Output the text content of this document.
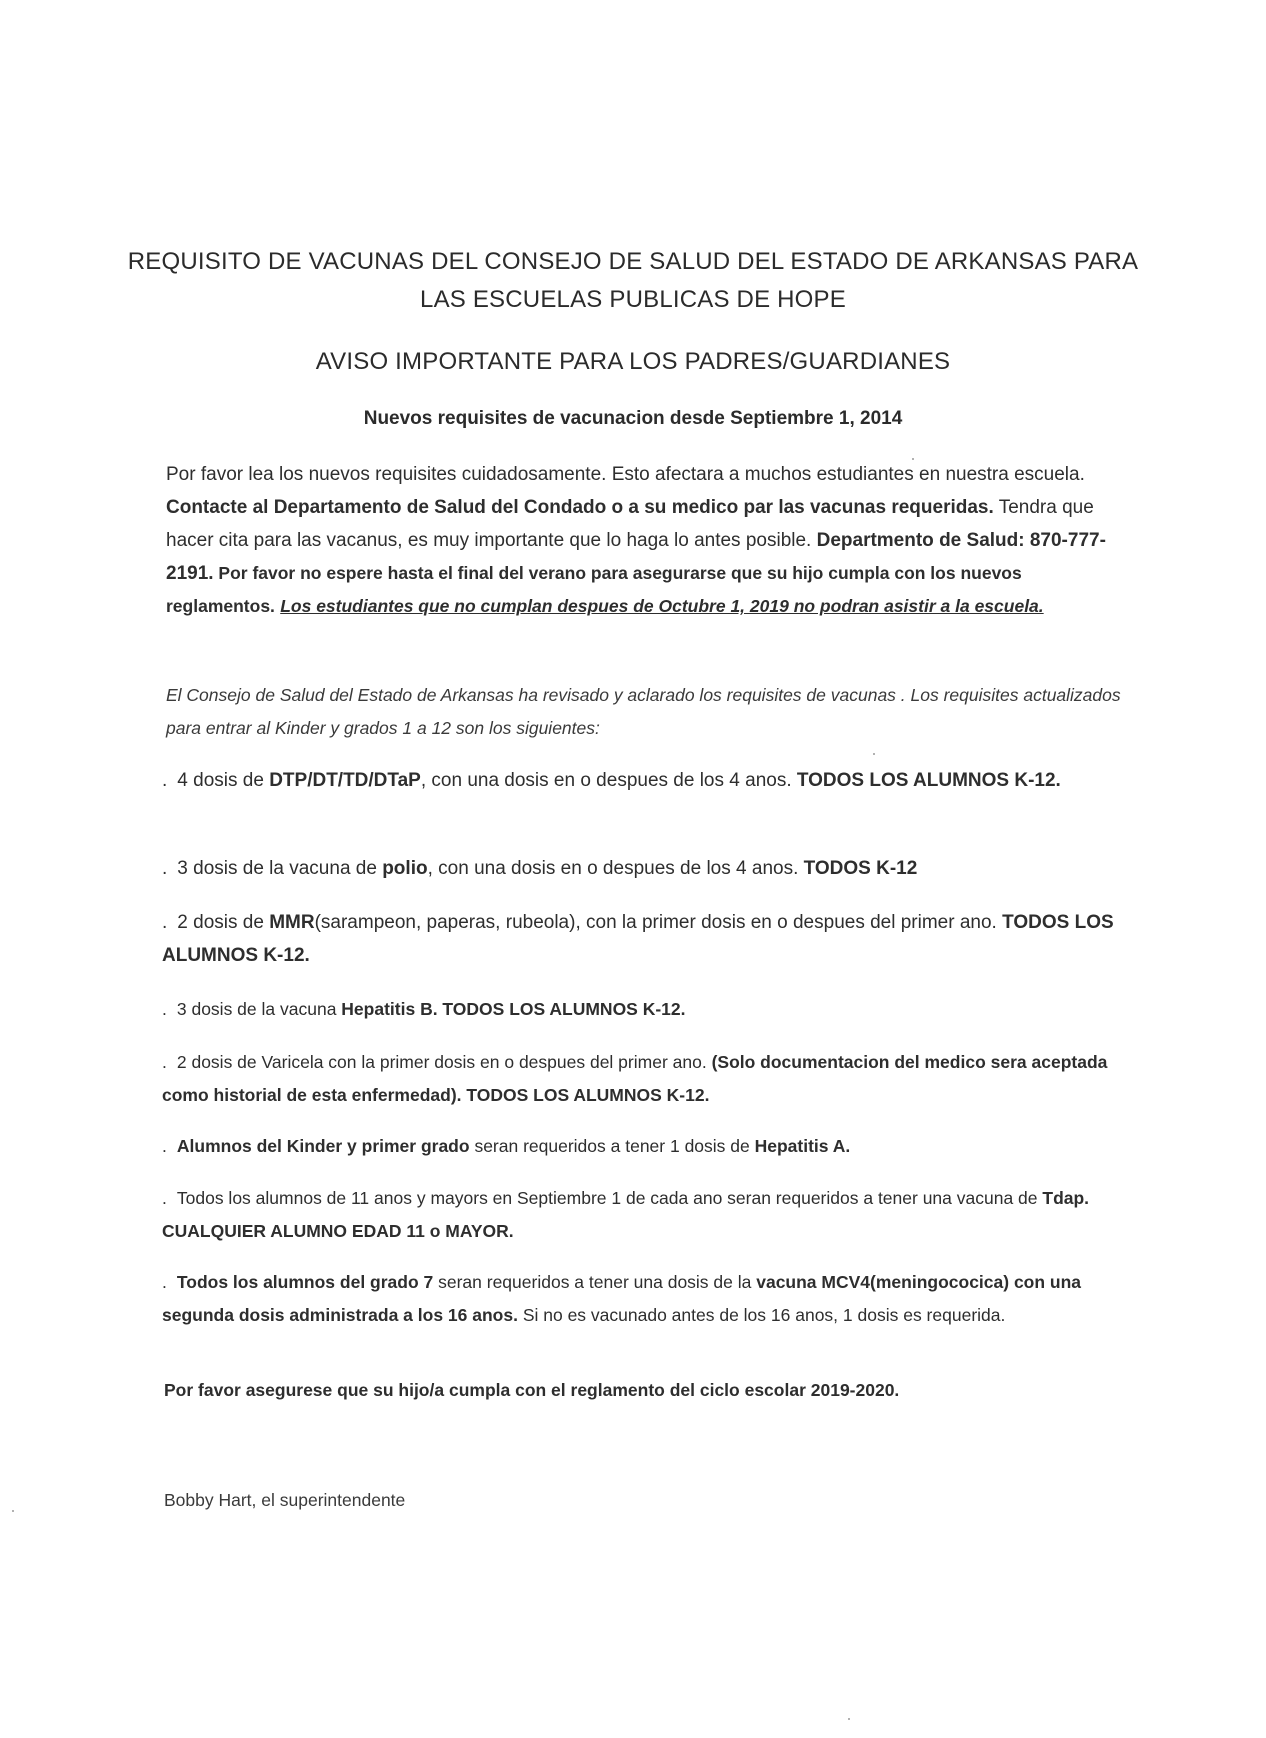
REQUISITO DE VACUNAS DEL CONSEJO DE SALUD DEL ESTADO DE ARKANSAS PARA
LAS ESCUELAS PUBLICAS DE HOPE
AVISO IMPORTANTE PARA LOS PADRES/GUARDIANES
Nuevos requisites de vacunacion desde Septiembre 1, 2014
Por favor lea los nuevos requisites cuidadosamente. Esto afectara a muchos estudiantes en nuestra escuela. Contacte al Departamento de Salud del Condado o a su medico par las vacunas requeridas. Tendra que hacer cita para las vacanus, es muy importante que lo haga lo antes posible. Departmento de Salud: 870-777-2191. Por favor no espere hasta el final del verano para asegurarse que su hijo cumpla con los nuevos reglamentos. Los estudiantes que no cumplan despues de Octubre 1, 2019 no podran asistir a la escuela.
El Consejo de Salud del Estado de Arkansas ha revisado y aclarado los requisites de vacunas . Los requisites actualizados para entrar al Kinder y grados 1 a 12 son los siguientes:
. 4 dosis de DTP/DT/TD/DTaP, con una dosis en o despues de los 4 anos. TODOS LOS ALUMNOS K-12.
. 3 dosis de la vacuna de polio, con una dosis en o despues de los 4 anos. TODOS K-12
. 2 dosis de MMR(sarampeon, paperas, rubeola), con la primer dosis en o despues del primer ano. TODOS LOS ALUMNOS K-12.
. 3 dosis de la vacuna Hepatitis B. TODOS LOS ALUMNOS K-12.
. 2 dosis de Varicela con la primer dosis en o despues del primer ano. (Solo documentacion del medico sera aceptada como historial de esta enfermedad). TODOS LOS ALUMNOS K-12.
. Alumnos del Kinder y primer grado seran requeridos a tener 1 dosis de Hepatitis A.
. Todos los alumnos de 11 anos y mayors en Septiembre 1 de cada ano seran requeridos a tener una vacuna de Tdap. CUALQUIER ALUMNO EDAD 11 o MAYOR.
. Todos los alumnos del grado 7 seran requeridos a tener una dosis de la vacuna MCV4(meningococica) con una segunda dosis administrada a los 16 anos. Si no es vacunado antes de los 16 anos, 1 dosis es requerida.
Por favor asegurese que su hijo/a cumpla con el reglamento del ciclo escolar 2019-2020.
Bobby Hart, el superintendente
